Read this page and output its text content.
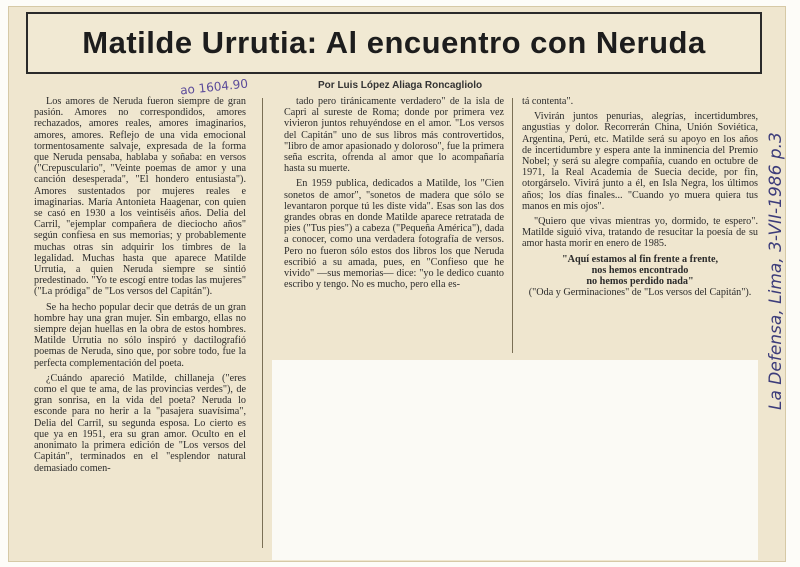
Matilde Urrutia: Al encuentro con Neruda
ao 1604.90	Por Luis López Aliaga Roncagliolo

Los amores de Neruda fueron siempre de gran pasión. Amores no correspondidos, amores rechazados, amores reales, amores imaginarios, amores, amores. Reflejo de una vida emocional tormentosamente salvaje, expresada de la forma que Neruda pensaba, hablaba y soñaba: en versos ("Crepusculario", "Veinte poemas de amor y una canción desesperada", "El hondero entusiasta"). Amores sustentados por mujeres reales e imaginarias. María Antonieta Haagenar, con quien se casó en 1930 a los veintiséis años. Delia del Carril, "ejemplar compañera de dieciocho años" según confiesa en sus memorias; y probablemente muchas otras sin adquirir los timbres de la legalidad. Muchas hasta que aparece Matilde Urrutia, a quien Neruda siempre se sintió predestinado. "Yo te escogí entre todas las mujeres" ("La pródiga" de "Los versos del Capitán").

Se ha hecho popular decir que detrás de un gran hombre hay una gran mujer. Sin embargo, ellas no siempre dejan huellas en la obra de estos hombres. Matilde Urrutia no sólo inspiró y dactilografió poemas de Neruda, sino que, por sobre todo, fue la perfecta complementación del poeta.

¿Cuándo apareció Matilde, chillaneja ("eres como el que te ama, de las provincias verdes"), de gran sonrisa, en la vida del poeta? Neruda lo esconde para no herir a la "pasajera suavísima", Delia del Carril, su segunda esposa. Lo cierto es que ya en 1951, era su gran amor. Oculto en el anonimato la primera edición de "Los versos del Capitán", terminados en el "esplendor natural demasiado comen-

tado pero tiránicamente verdadero" de la isla de Capri al sureste de Roma; donde por primera vez vivieron juntos rehuyéndose en el amor. "Los versos del Capitán" uno de sus libros más controvertidos, "libro de amor apasionado y doloroso", fue la primera seña escrita, ofrenda al amor que lo acompañaría hasta su muerte.

En 1959 publica, dedicados a Matilde, los "Cien sonetos de amor", "sonetos de madera que sólo se levantaron porque tú les diste vida". Esas son las dos grandes obras en donde Matilde aparece retratada de pies ("Tus pies") a cabeza ("Pequeña América"), dada a conocer, como una verdadera fotografía de versos. Pero no fueron sólo estos dos libros los que Neruda escribió a su amada, pues, en "Confieso que he vivido" —sus memorias— dice: "yo le dedico cuanto escribo y tengo. No es mucho, pero ella es-

tá contenta".

Vivirán juntos penurias, alegrías, incertidumbres, angustias y dolor. Recorrerán China, Unión Soviética, Argentina, Perú, etc. Matilde será su apoyo en los años de incertidumbre y espera ante la inminencia del Premio Nobel; y será su alegre compañía, cuando en octubre de 1971, la Real Academia de Suecia decide, por fin, otorgárselo. Vivirá junto a él, en Isla Negra, los últimos años; los días finales... "Cuando yo muera quiera tus manos en mis ojos".

"Quiero que vivas mientras yo, dormido, te espero". Matilde siguió viva, tratando de resucitar la poesía de su amor hasta morir en enero de 1985.

"Aquí estamos al fin frente a frente,

nos hemos encontrado

no hemos perdido nada"

("Oda y Germinaciones" de "Los versos del Capitán"). La Defensa, Lima, 3-VII-1986 p.3
